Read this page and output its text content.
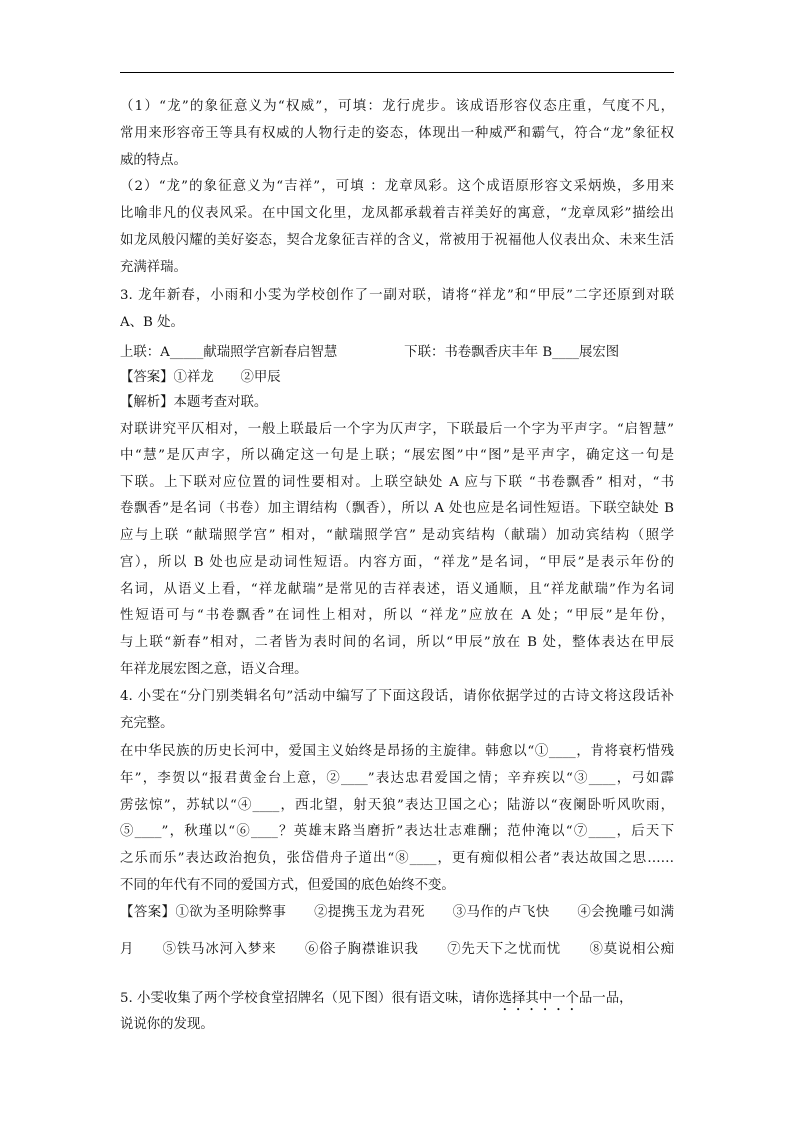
（1）“龙”的象征意义为“权威”，可填：龙行虎步。该成语形容仪态庄重，气度不凡，
常用来形容帝王等具有权威的人物行走的姿态，体现出一种威严和霸气，符合“龙”象征权
威的特点。
（2）“龙”的象征意义为“吉祥”，可填 ：龙章凤彩。这个成语原形容文采炳焕，多用来
比喻非凡的仪表风采。在中国文化里，龙凤都承载着吉祥美好的寓意，“龙章凤彩”描绘出
如龙凤般闪耀的美好姿态，契合龙象征吉祥的含义，常被用于祝福他人仪表出众、未来生活
充满祥瑞。
3. 龙年新春，小雨和小雯为学校创作了一副对联，请将“祥龙”和“甲辰”二字还原到对联
A、B 处。
上联：A_____献瑞照学宫新春启智慧　　　　　下联：书卷飘香庆丰年 B____展宏图
【答案】①祥龙　　②甲辰
【解析】本题考查对联。
对联讲究平仄相对，一般上联最后一个字为仄声字，下联最后一个字为平声字。“启智慧”
中“慧”是仄声字，所以确定这一句是上联；“展宏图”中“图”是平声字，确定这一句是
下联。上下联对应位置的词性要相对。上联空缺处 A 应与下联 “书卷飘香” 相对，“书
卷飘香”是名词（书卷）加主谓结构（飘香），所以 A 处也应是名词性短语。下联空缺处 B
应与上联 “献瑞照学宫” 相对，“献瑞照学宫” 是动宾结构（献瑞）加动宾结构（照学
宫），所以 B 处也应是动词性短语。内容方面，“祥龙”是名词，“甲辰”是表示年份的
名词，从语义上看，“祥龙献瑞”是常见的吉祥表述，语义通顺，且“祥龙献瑞”作为名词
性短语可与“书卷飘香”在词性上相对，所以 “祥龙”应放在 A 处；“甲辰”是年份，
与上联“新春”相对，二者皆为表时间的名词，所以“甲辰”放在 B 处，整体表达在甲辰
年祥龙展宏图之意，语义合理。
4. 小雯在“分门别类辑名句”活动中编写了下面这段话，请你依据学过的古诗文将这段话补
充完整。
在中华民族的历史长河中，爱国主义始终是昂扬的主旋律。韩愈以“①____，肯将衰朽惜残
年”，李贺以“报君黄金台上意，②____”表达忠君爱国之情；辛弃疾以“③____，弓如霹
雳弦惊”，苏轼以“④____，西北望，射天狼”表达卫国之心；陆游以“夜阑卧听风吹雨，
⑤____”，秋瑾以“⑥____？英雄末路当磨折”表达壮志难酬；范仲淹以“⑦____，后天下
之乐而乐”表达政治抱负，张岱借舟子道出“⑧____，更有痴似相公者”表达故国之思……
不同的年代有不同的爱国方式，但爱国的底色始终不变。
【答案】①欲为圣明除弊事　　②提携玉龙为君死　　③马作的卢飞快　　④会挽雕弓如满
月　　⑤铁马冰河入梦来　　⑥俗子胸襟谁识我　　⑦先天下之忧而忧　　⑧莫说相公痴
5. 小雯收集了两个学校食堂招牌名（见下图）很有语文味，请你选择其中一个品一品，
说说你的发现。
